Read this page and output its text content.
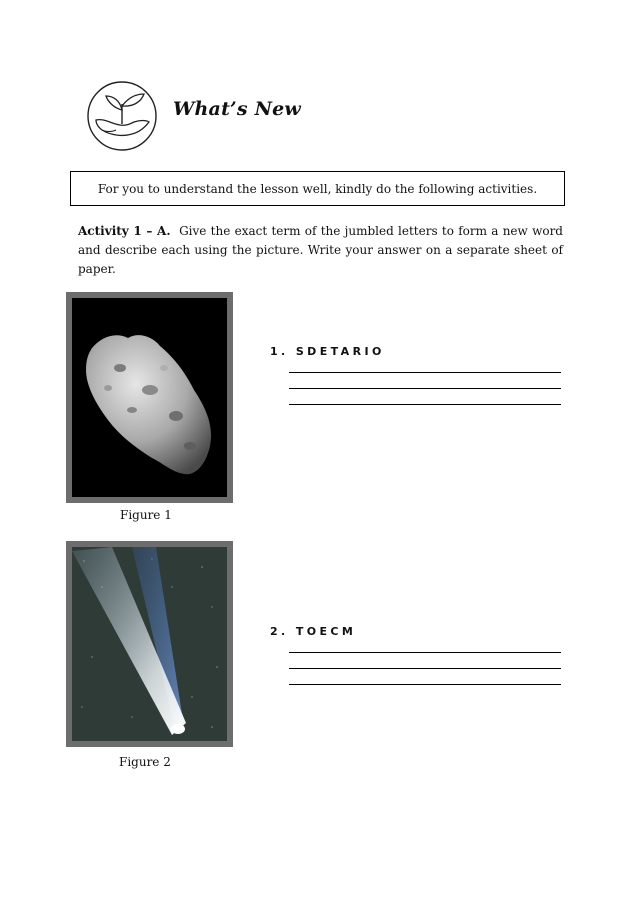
What’s New
For you to understand the lesson well, kindly do the following activities.
Activity 1 – A. Give the exact term of the jumbled letters to form a new word and describe each using the picture. Write your answer on a separate sheet of paper.
Figure 1
Figure 2
1. SDETARIO
2. TOECM
